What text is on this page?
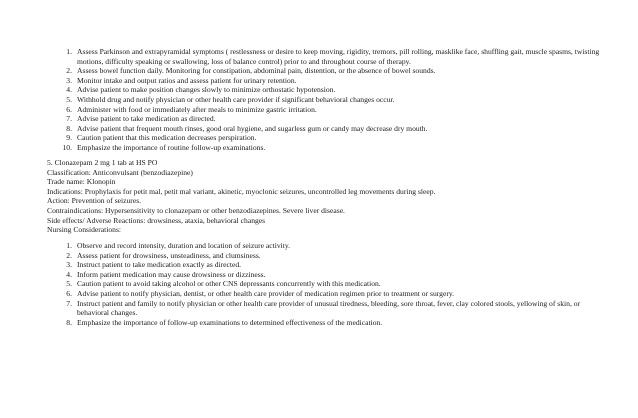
1. Assess Parkinson and extrapyramidal symptoms ( restlessness or desire to keep moving, rigidity, tremors, pill rolling, masklike face, shuffling gait, muscle spasms, twisting motions, difficulty speaking or swallowing, loss of balance control) prior to and throughout course of therapy.
2. Assess bowel function daily. Monitoring for constipation, abdominal pain, distention, or the absence of bowel sounds.
3. Monitor intake and output ratios and assess patient for urinary retention.
4. Advise patient to make position changes slowly to minimize orthostatic hypotension.
5. Withhold drug and notify physician or other health care provider if significant behavioral changes occur.
6. Administer with food or immediately after meals to minimize gastric irritation.
7. Advise patient to take medication as directed.
8. Advise patient that frequent mouth rinses, good oral hygiene, and sugarless gum or candy may decrease dry mouth.
9. Caution patient that this medication decreases perspiration.
10. Emphasize the importance of routine follow-up examinations.
5. Clonazepam 2 mg 1 tab at HS PO
Classification: Anticonvulsant (benzodiazepine)
Trade name: Klonopin
Indications: Prophylaxis for petit mal, petit mal variant, akinetic, myoclonic seizures, uncontrolled leg movements during sleep.
Action: Prevention of seizures.
Contraindications: Hypersensitivity to clonazepam or other benzodiazepines. Severe liver disease.
Side effects/ Adverse Reactions: drowsiness, ataxia, behavioral changes
Nursing Considerations:
1. Observe and record intensity, duration and location of seizure activity.
2. Assess patient for drowsiness, unsteadiness, and clumsiness.
3. Instruct patient to take medication exactly as directed.
4. Inform patient medication may cause drowsiness or dizziness.
5. Caution patient to avoid taking alcohol or other CNS depressants concurrently with this medication.
6. Advise patient to notify physician, dentist, or other health care provider of medication regimen prior to treatment or surgery.
7. Instruct patient and family to notify physician or other health care provider of unusual tiredness, bleeding, sore throat, fever, clay colored stools, yellowing of skin, or behavioral changes.
8. Emphasize the importance of follow-up examinations to determined effectiveness of the medication.
